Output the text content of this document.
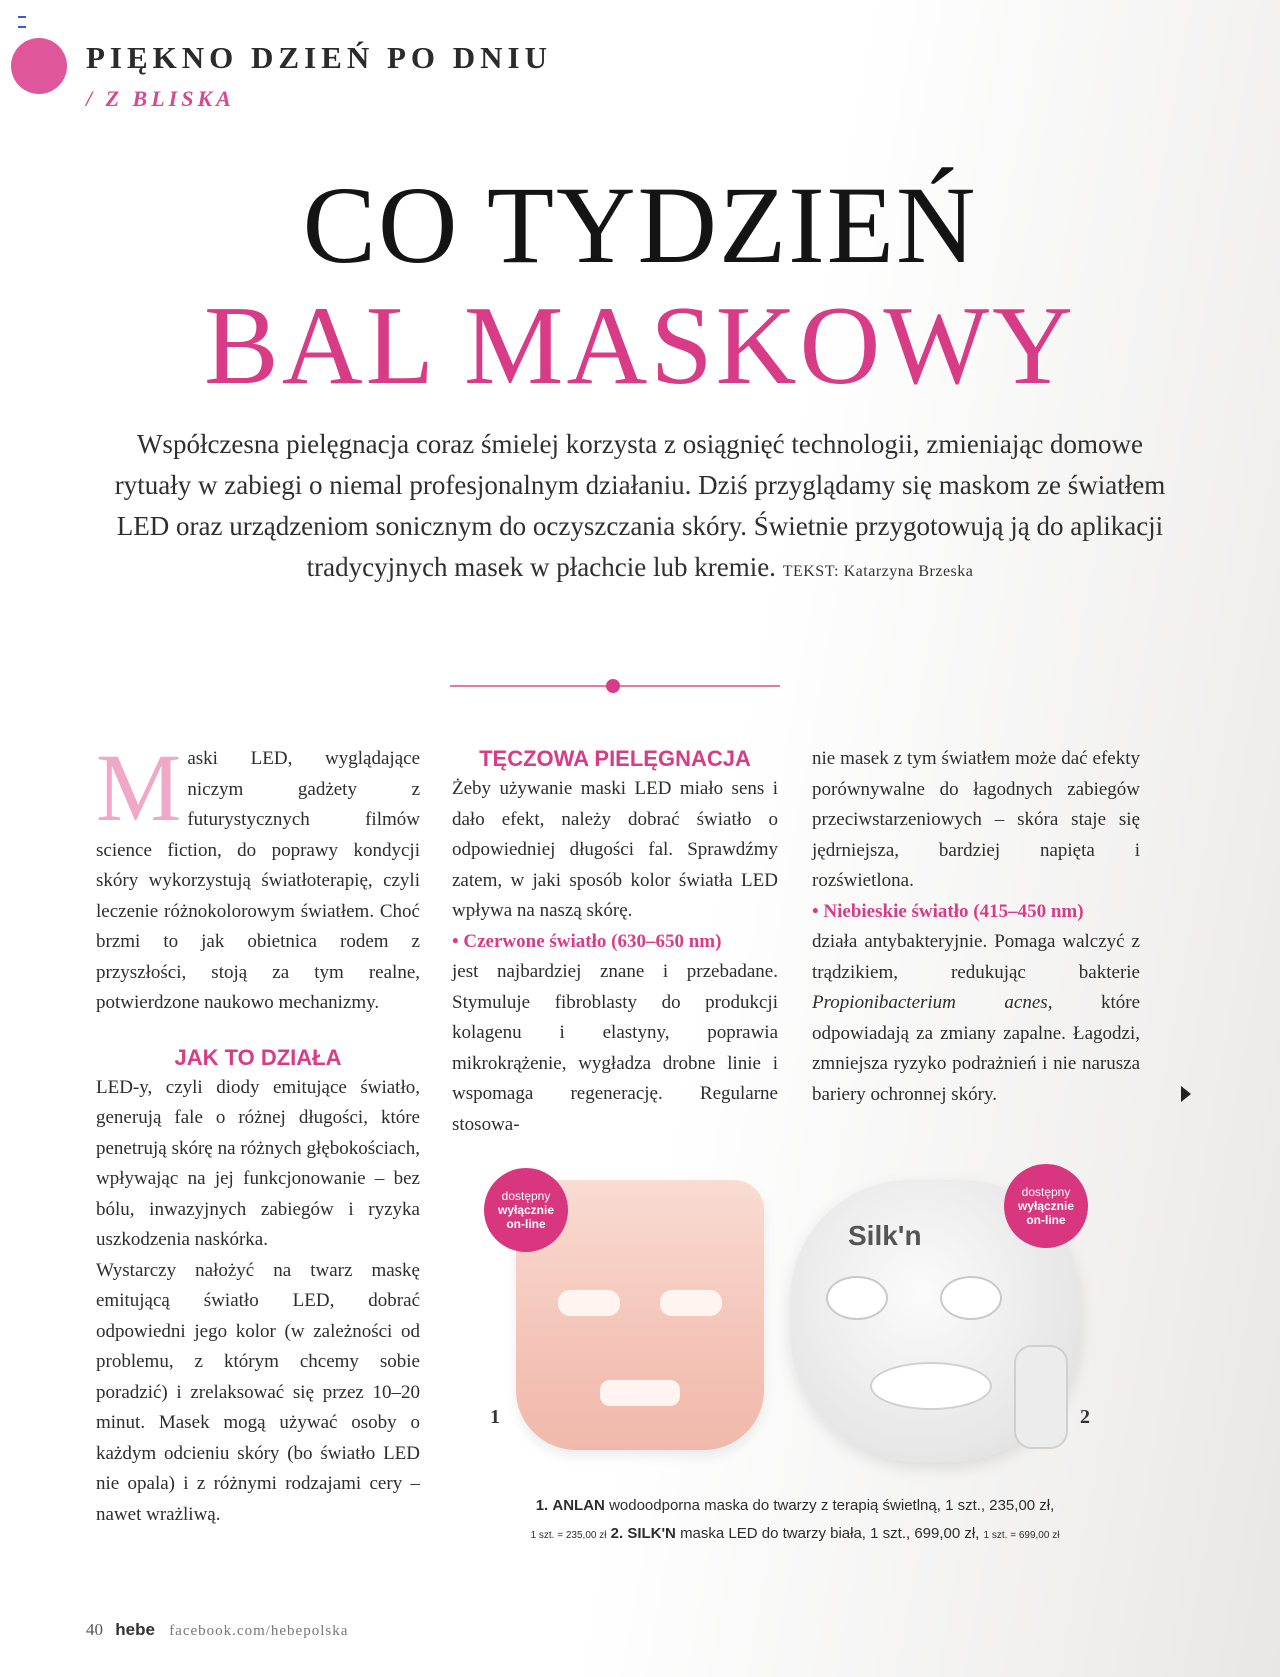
PIĘKNO DZIEŃ PO DNIU
/ Z BLISKA
CO TYDZIEŃ
BAL MASKOWY
Współczesna pielęgnacja coraz śmielej korzysta z osiągnięć technologii, zmieniając domowe rytuały w zabiegi o niemal profesjonalnym działaniu. Dziś przyglądamy się maskom ze światłem LED oraz urządzeniom sonicznym do oczyszczania skóry. Świetnie przygotowują ją do aplikacji tradycyjnych masek w płachcie lub kremie. TEKST: Katarzyna Brzeska

Maski LED, wyglądające niczym gadżety z futurystycznych filmów science fiction, do poprawy kondycji skóry wykorzystują światłoterapię, czyli leczenie różnokolorowym światłem. Choć brzmi to jak obietnica rodem z przyszłości, stoją za tym realne, potwierdzone naukowo mechanizmy.

JAK TO DZIAŁA

LED-y, czyli diody emitujące światło, generują fale o różnej długości, które penetrują skórę na różnych głębokościach, wpływając na jej funkcjonowanie – bez bólu, inwazyjnych zabiegów i ryzyka uszkodzenia naskórka.

Wystarczy nałożyć na twarz maskę emitującą światło LED, dobrać odpowiedni jego kolor (w zależności od problemu, z którym chcemy sobie poradzić) i zrelaksować się przez 10–20 minut. Masek mogą używać osoby o każdym odcieniu skóry (bo światło LED nie opala) i z różnymi rodzajami cery – nawet wrażliwą.

TĘCZOWA PIELĘGNACJA

Żeby używanie maski LED miało sens i dało efekt, należy dobrać światło o odpowiedniej długości fal. Sprawdźmy zatem, w jaki sposób kolor światła LED wpływa na naszą skórę.

• Czerwone światło (630–650 nm)

jest najbardziej znane i przebadane. Stymuluje fibroblasty do produkcji kolagenu i elastyny, poprawia mikrokrążenie, wygładza drobne linie i wspomaga regenerację. Regularne stosowa-

nie masek z tym światłem może dać efekty porównywalne do łagodnych zabiegów przeciwstarzeniowych – skóra staje się jędrniejsza, bardziej napięta i rozświetlona.

• Niebieskie światło (415–450 nm)

działa antybakteryjnie. Pomaga walczyć z trądzikiem, redukując bakterie Propionibacterium acnes, które odpowiadają za zmiany zapalne. Łagodzi, zmniejsza ryzyko podrażnień i nie narusza bariery ochronnej skóry.

Silk'n
dostępny
wyłącznie
on-line
dostępny
wyłącznie
on-line
1	2
1. ANLAN wodoodporna maska do twarzy z terapią świetlną, 1 szt., 235,00 zł,
1 szt. = 235,00 zł 2. SILK'N maska LED do twarzy biała, 1 szt., 699,00 zł, 1 szt. = 699,00 zł
40 hebe facebook.com/hebepolska
